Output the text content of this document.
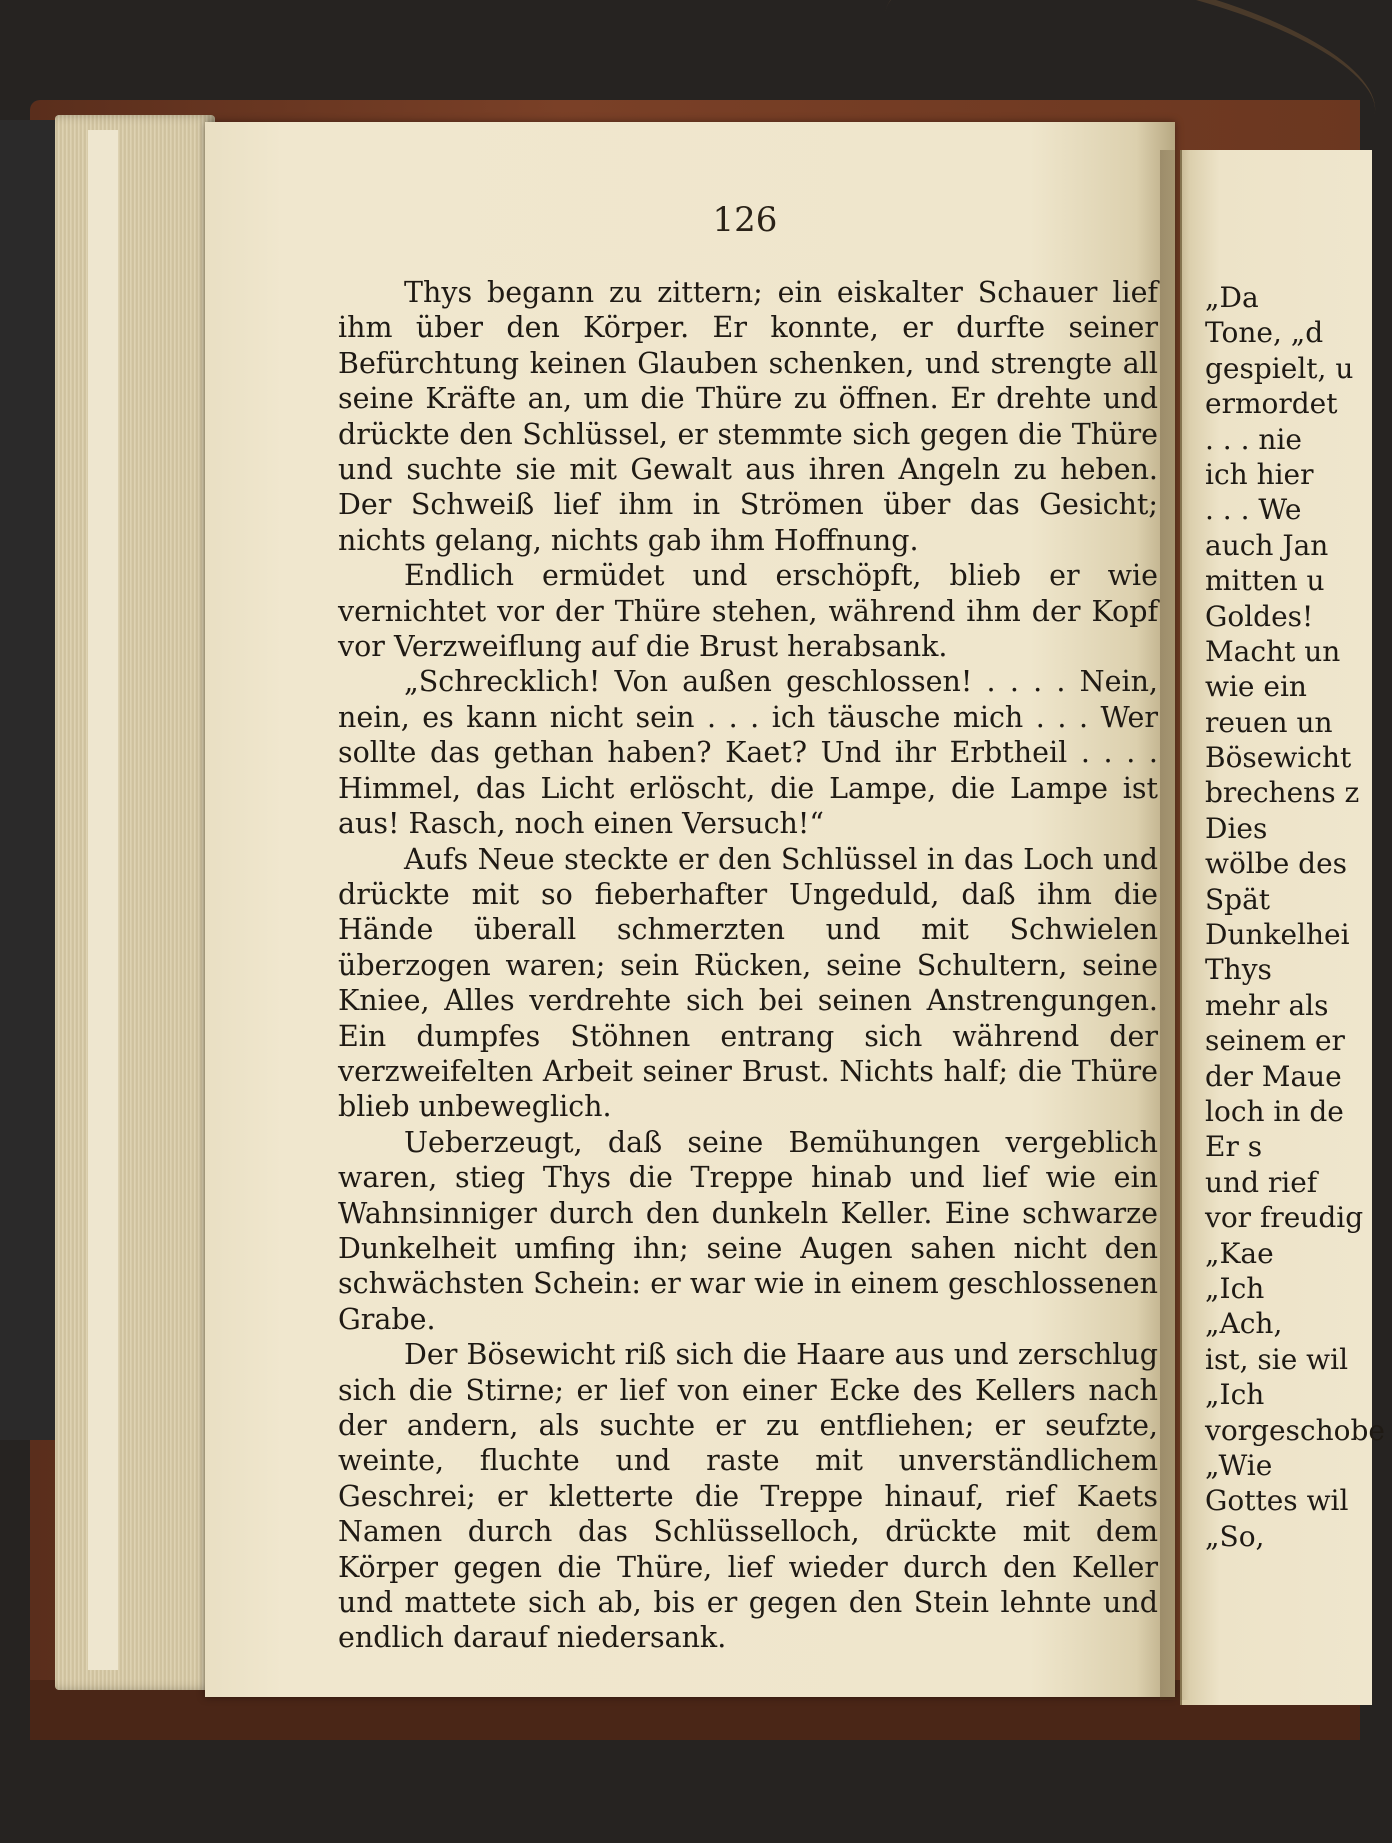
126

Thys begann zu zittern; ein eiskalter Schauer lief ihm über den Körper. Er konnte, er durfte seiner Befürchtung keinen Glauben schenken, und strengte all seine Kräfte an, um die Thüre zu öffnen. Er drehte und drückte den Schlüssel, er stemmte sich gegen die Thüre und suchte sie mit Gewalt aus ihren Angeln zu heben. Der Schweiß lief ihm in Strömen über das Gesicht; nichts gelang, nichts gab ihm Hoffnung.

Endlich ermüdet und erschöpft, blieb er wie vernichtet vor der Thüre stehen, während ihm der Kopf vor Verzweiflung auf die Brust herabsank.

„Schrecklich! Von außen geschlossen! . . . . Nein, nein, es kann nicht sein . . . ich täusche mich . . . Wer sollte das gethan haben? Kaet? Und ihr Erbtheil . . . . Himmel, das Licht erlöscht, die Lampe, die Lampe ist aus! Rasch, noch einen Versuch!“

Aufs Neue steckte er den Schlüssel in das Loch und drückte mit so fieberhafter Ungeduld, daß ihm die Hände überall schmerzten und mit Schwielen überzogen waren; sein Rücken, seine Schultern, seine Kniee, Alles verdrehte sich bei seinen Anstrengungen. Ein dumpfes Stöhnen entrang sich während der verzweifelten Arbeit seiner Brust. Nichts half; die Thüre blieb unbeweglich.

Ueberzeugt, daß seine Bemühungen vergeblich waren, stieg Thys die Treppe hinab und lief wie ein Wahnsinniger durch den dunkeln Keller. Eine schwarze Dunkelheit umfing ihn; seine Augen sahen nicht den schwächsten Schein: er war wie in einem geschlossenen Grabe.

Der Bösewicht riß sich die Haare aus und zerschlug sich die Stirne; er lief von einer Ecke des Kellers nach der andern, als suchte er zu entfliehen; er seufzte, weinte, fluchte und raste mit unverständlichem Geschrei; er kletterte die Treppe hinauf, rief Kaets Namen durch das Schlüsselloch, drückte mit dem Körper gegen die Thüre, lief wieder durch den Keller und mattete sich ab, bis er gegen den Stein lehnte und endlich darauf niedersank.

„Da
Tone, „d
gespielt, u
ermordet
. . . nie
ich hier
. . . We
auch Jan
mitten u
Goldes!
Macht un
wie ein
reuen un
Bösewicht
brechens z
Dies
wölbe des
Spät
Dunkelhei
Thys
mehr als
seinem er
der Maue
loch in de
Er s
und rief
vor freudig
„Kae
„Ich
„Ach,
ist, sie wil
„Ich
vorgeschobe
„Wie
Gottes wil
„So,
